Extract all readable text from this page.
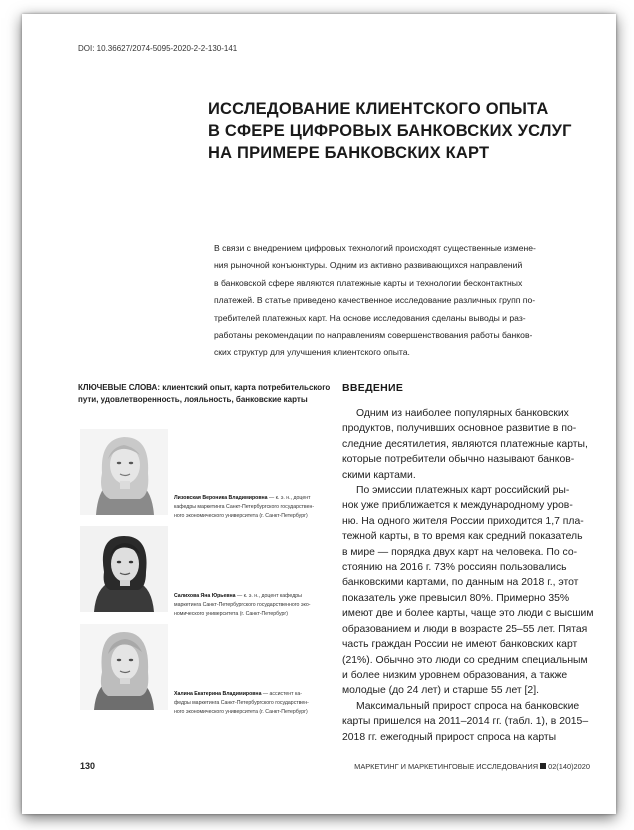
DOI: 10.36627/2074-5095-2020-2-2-130-141
ИССЛЕДОВАНИЕ КЛИЕНТСКОГО ОПЫТА
В СФЕРЕ ЦИФРОВЫХ БАНКОВСКИХ УСЛУГ
НА ПРИМЕРЕ БАНКОВСКИХ КАРТ
В связи с внедрением цифровых технологий происходят существенные измене-
ния рыночной конъюнктуры. Одним из активно развивающихся направлений
в банковской сфере являются платежные карты и технологии бесконтактных
платежей. В статье приведено качественное исследование различных групп по-
требителей платежных карт. На основе исследования сделаны выводы и раз-
работаны рекомендации по направлениям совершенствования работы банков-
ских структур для улучшения клиентского опыта.
КЛЮЧЕВЫЕ СЛОВА: клиентский опыт, карта потребительского
пути, удовлетворенность, лояльность, банковские карты
Лизовская Вероника Владимировна — к. э. н., доцент
кафедры маркетинга Санкт-Петербургского государствен-
ного экономического университета (г. Санкт-Петербург)
Салихова Яна Юрьевна — к. э. н., доцент кафедры
маркетинга Санкт-Петербургского государственного эко-
номического университета (г. Санкт-Петербург)
Халина Екатерина Владимировна — ассистент ка-
федры маркетинга Санкт-Петербургского государствен-
ного экономического университета (г. Санкт-Петербург)
ВВЕДЕНИЕ
Одним из наиболее популярных банковских
продуктов, получивших основное развитие в по-
следние десятилетия, являются платежные карты,
которые потребители обычно называют банков-
скими картами.
По эмиссии платежных карт российский ры-
нок уже приближается к международному уров-
ню. На одного жителя России приходится 1,7 пла-
тежной карты, в то время как средний показатель
в мире — порядка двух карт на человека. По со-
стоянию на 2016 г. 73% россиян пользовались
банковскими картами, по данным на 2018 г., этот
показатель уже превысил 80%. Примерно 35%
имеют две и более карты, чаще это люди с высшим
образованием и люди в возрасте 25–55 лет. Пятая
часть граждан России не имеют банковских карт
(21%). Обычно это люди со средним специальным
и более низким уровнем образования, а также
молодые (до 24 лет) и старше 55 лет [2].
Максимальный прирост спроса на банковские
карты пришелся на 2011–2014 гг. (табл. 1), в 2015–
2018 гг. ежегодный прирост спроса на карты
130	МАРКЕТИНГ И МАРКЕТИНГОВЫЕ ИССЛЕДОВАНИЯ 02(140)2020
